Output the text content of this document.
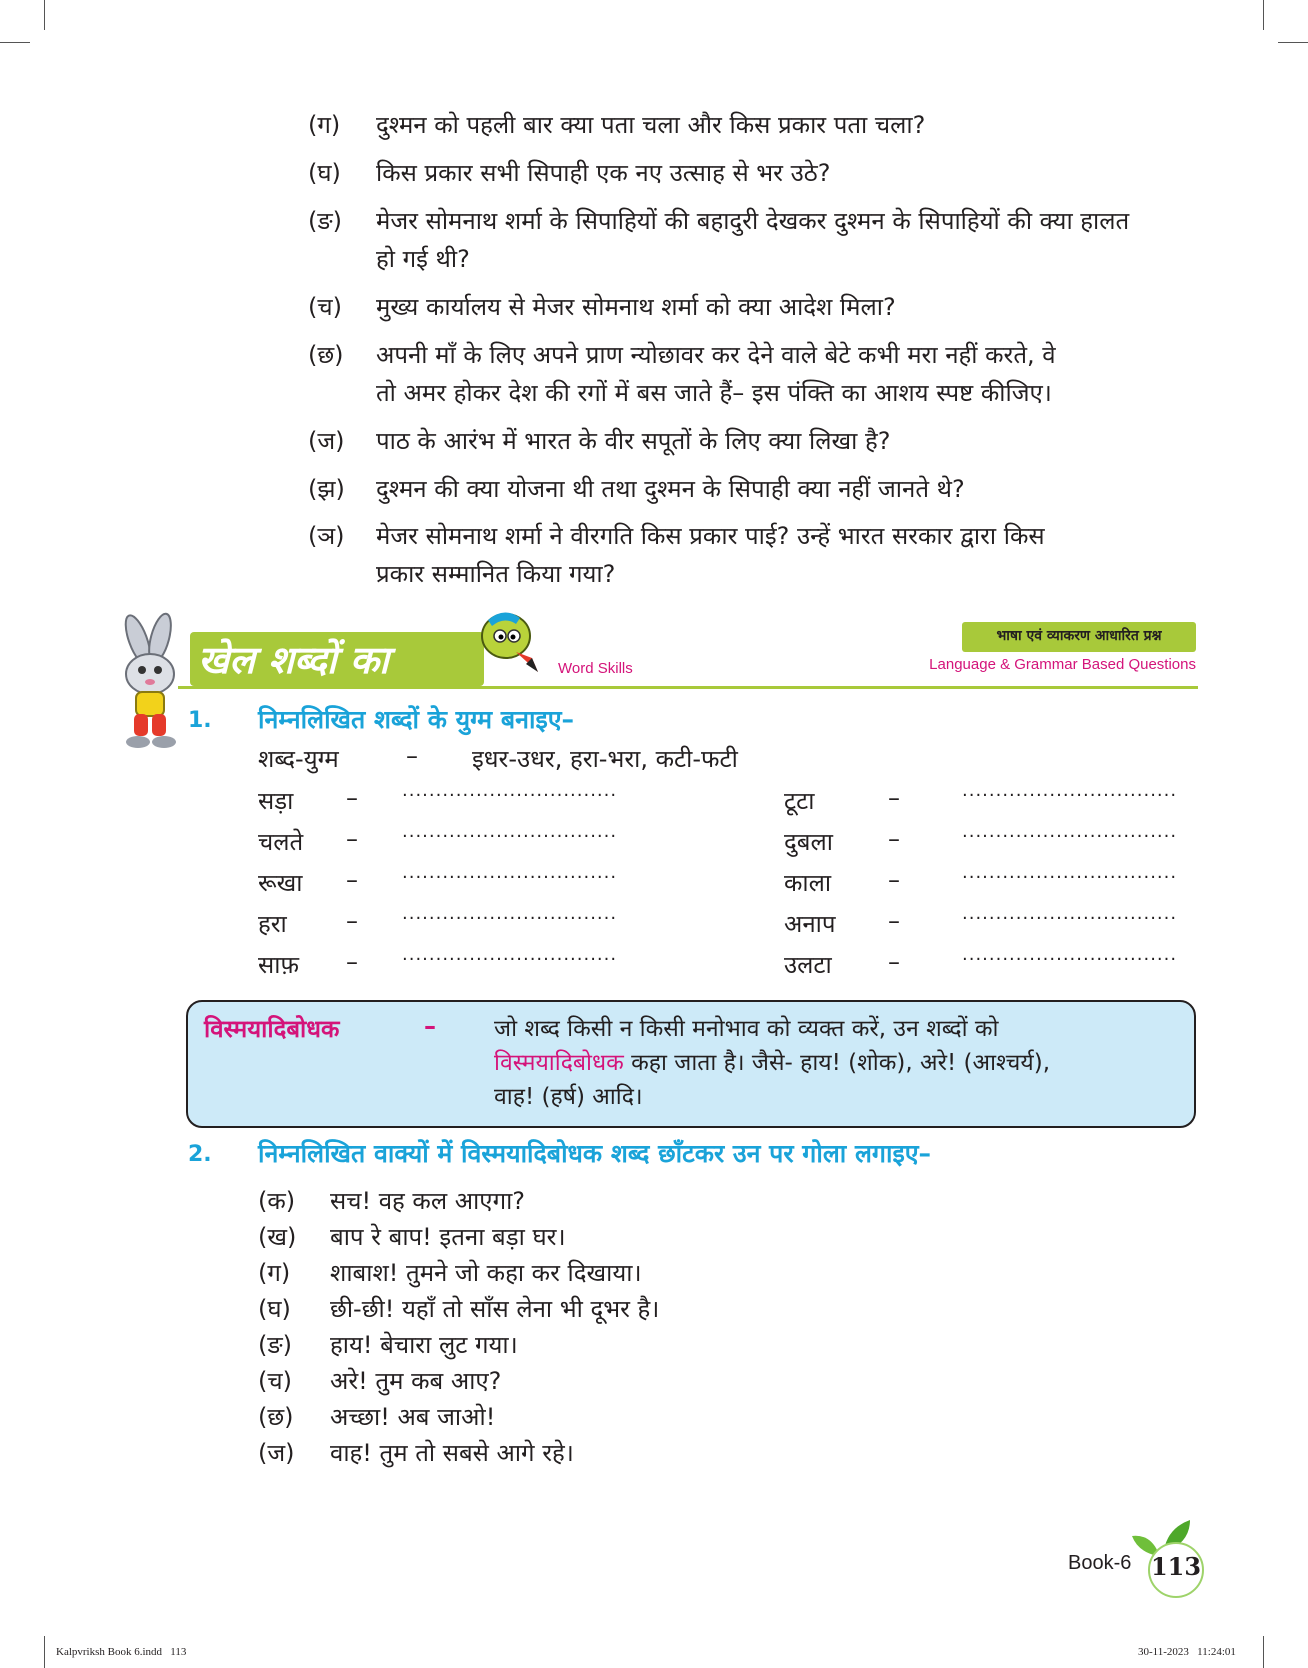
(ग) दुश्मन को पहली बार क्या पता चला और किस प्रकार पता चला?
(घ) किस प्रकार सभी सिपाही एक नए उत्साह से भर उठे?
(ङ) मेजर सोमनाथ शर्मा के सिपाहियों की बहादुरी देखकर दुश्मन के सिपाहियों की क्या हालत
हो गई थी?
(च) मुख्य कार्यालय से मेजर सोमनाथ शर्मा को क्या आदेश मिला?
(छ) अपनी माँ के लिए अपने प्राण न्योछावर कर देने वाले बेटे कभी मरा नहीं करते, वे
तो अमर होकर देश की रगों में बस जाते हैं– इस पंक्ति का आशय स्पष्ट कीजिए।
(ज) पाठ के आरंभ में भारत के वीर सपूतों के लिए क्या लिखा है?
(झ) दुश्मन की क्या योजना थी तथा दुश्मन के सिपाही क्या नहीं जानते थे?
(ञ) मेजर सोमनाथ शर्मा ने वीरगति किस प्रकार पाई? उन्हें भारत सरकार द्वारा किस
प्रकार सम्मानित किया गया?
खेल शब्दों का	Word Skills
भाषा एवं व्याकरण आधारित प्रश्न
Language & Grammar Based Questions
1. निम्नलिखित शब्दों के युग्म बनाइए–
शब्द-युग्म	– इधर-उधर, हरा-भरा, कटी-फटी
सड़ा – ................................
चलते – ................................
रूखा – ................................
हरा – ................................
साफ़ – ................................
टूटा	–	................................
दुबला –	................................
काला –	................................
अनाप –	................................
उलटा –	................................
विस्मयादिबोधक	–	जो शब्द किसी न किसी मनोभाव को व्यक्त करें, उन शब्दों को
विस्मयादिबोधक कहा जाता है। जैसे- हाय! (शोक), अरे! (आश्चर्य),
वाह! (हर्ष) आदि।
2. निम्नलिखित वाक्यों में विस्मयादिबोधक शब्द छाँटकर उन पर गोला लगाइए–
(क) सच! वह कल आएगा?
(ख) बाप रे बाप! इतना बड़ा घर।
(ग) शाबाश! तुमने जो कहा कर दिखाया।
(घ) छी-छी! यहाँ तो साँस लेना भी दूभर है।
(ङ) हाय! बेचारा लुट गया।
(च) अरे! तुम कब आए?
(छ) अच्छा! अब जाओ!
(ज) वाह! तुम तो सबसे आगे रहे।
Book-6 113
Kalpvriksh Book 6.indd   113	30-11-2023   11:24:01
